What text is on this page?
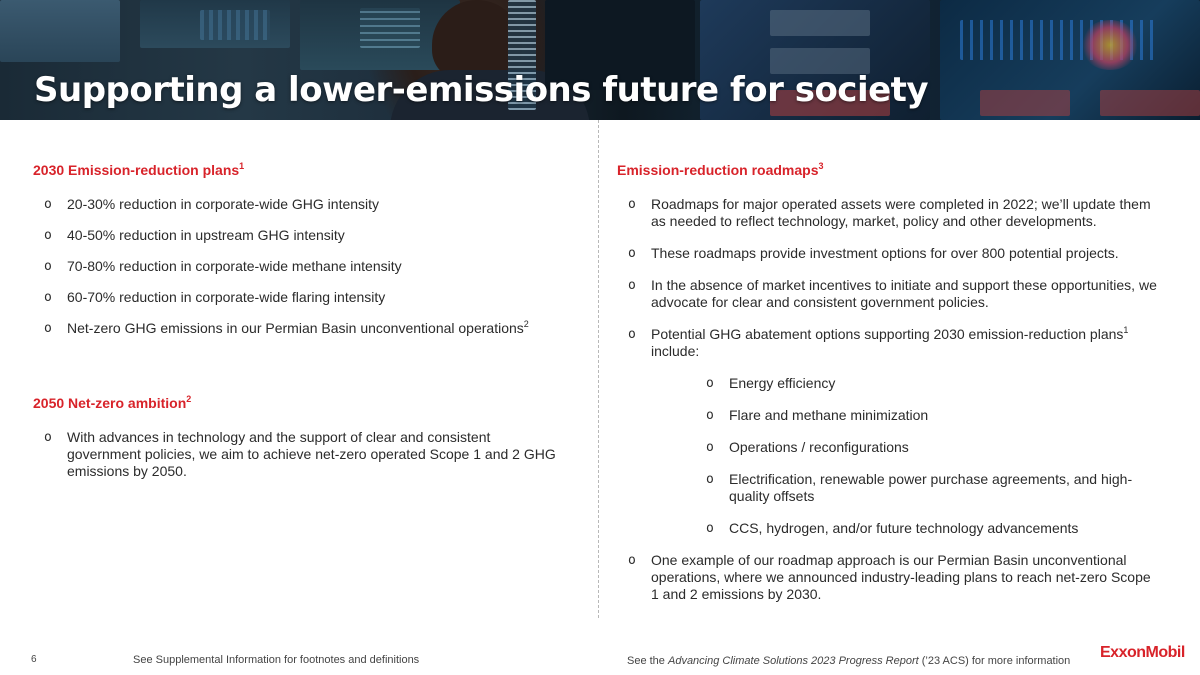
Supporting a lower-emissions future for society
2030 Emission-reduction plans$^1$
o 20-30% reduction in corporate-wide GHG intensity
o 40-50% reduction in upstream GHG intensity
o 70-80% reduction in corporate-wide methane intensity
o 60-70% reduction in corporate-wide flaring intensity
o Net-zero GHG emissions in our Permian Basin unconventional operations$^2$
2050 Net-zero ambition$^2$
o With advances in technology and the support of clear and consistent government policies, we aim to achieve net-zero operated Scope 1 and 2 GHG emissions by 2050.
Emission-reduction roadmaps$^3$
o Roadmaps for major operated assets were completed in 2022; we’ll update them as needed to reflect technology, market, policy and other developments.
o These roadmaps provide investment options for over 800 potential projects.
o In the absence of market incentives to initiate and support these opportunities, we advocate for clear and consistent government policies.
o Potential GHG abatement options supporting 2030 emission-reduction plans$^1$ include:
o Energy efficiency
o Flare and methane minimization
o Operations / reconfigurations
o Electrification, renewable power purchase agreements, and high-quality offsets
o CCS, hydrogen, and/or future technology advancements
o One example of our roadmap approach is our Permian Basin unconventional operations, where we announced industry-leading plans to reach net-zero Scope 1 and 2 emissions by 2030.
6	See Supplemental Information for footnotes and definitions	See the Advancing Climate Solutions 2023 Progress Report (’23 ACS) for more information ExxonMobil
